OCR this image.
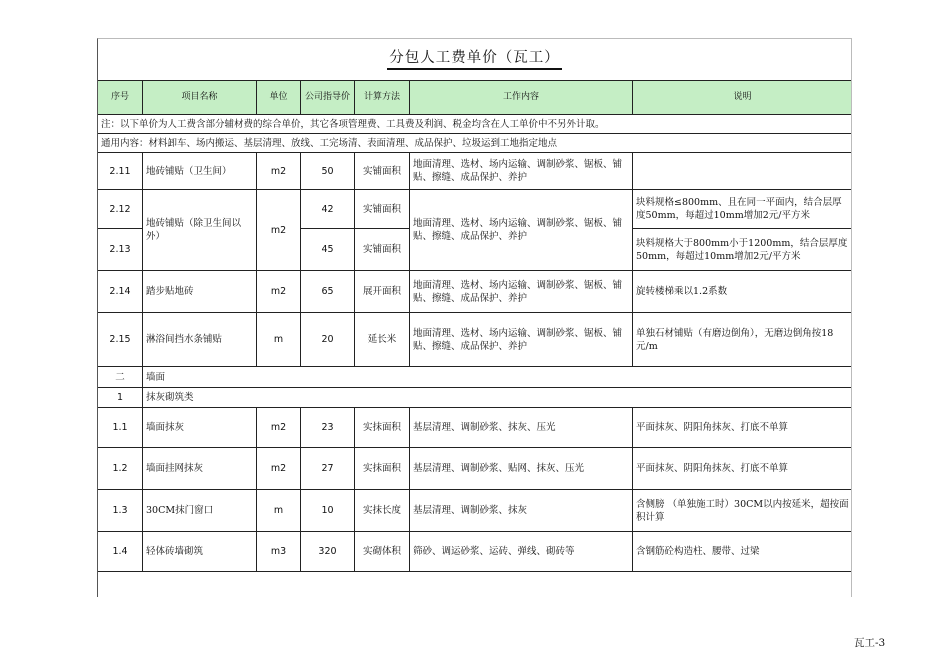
分包人工费单价（瓦工）
序号	项目名称	单位	公司指导价	计算方法	工作内容	说明
注：以下单价为人工费含部分辅材费的综合单价，其它各项管理费、工具费及利润、税金均含在人工单价中不另外计取。						
通用内容：材料卸车、场内搬运、基层清理、放线、工完场清、表面清理、成品保护、垃圾运到工地指定地点						
2.11	地砖铺贴（卫生间）	m2	50	实铺面积	地面清理、选材、场内运输、调制砂浆、锯板、铺贴、擦缝、成品保护、养护	
2.12	地砖铺贴（除卫生间以外）	m2	42	实铺面积	地面清理、选材、场内运输、调制砂浆、锯板、铺贴、擦缝、成品保护、养护	块料规格≤800mm、且在同一平面内，结合层厚度50mm，每超过10mm增加2元/平方米
2.13			45	实铺面积		块料规格大于800mm小于1200mm，结合层厚度50mm，每超过10mm增加2元/平方米
2.14	踏步贴地砖	m2	65	展开面积	地面清理、选材、场内运输、调制砂浆、锯板、铺贴、擦缝、成品保护、养护	旋转楼梯乘以1.2系数
2.15	淋浴间挡水条铺贴	m	20	延长米	地面清理、选材、场内运输、调制砂浆、锯板、铺贴、擦缝、成品保护、养护	单独石材铺贴（有磨边倒角），无磨边倒角按18元/m
二	墙面					
1	抹灰砌筑类					
1.1	墙面抹灰	m2	23	实抹面积	基层清理、调制砂浆、抹灰、压光	平面抹灰、阴阳角抹灰、打底不单算
1.2	墙面挂网抹灰	m2	27	实抹面积	基层清理、调制砂浆、贴网、抹灰、压光	平面抹灰、阴阳角抹灰、打底不单算
1.3	30CM抹门窗口	m	10	实抹长度	基层清理、调制砂浆、抹灰	含侧膀 （单独施工时）30CM以内按延米，超按面积计算
1.4	轻体砖墙砌筑	m3	320	实砌体积	筛砂、调运砂浆、运砖、弹线、砌砖等	含钢筋砼构造柱、腰带、过梁
瓦工-3
